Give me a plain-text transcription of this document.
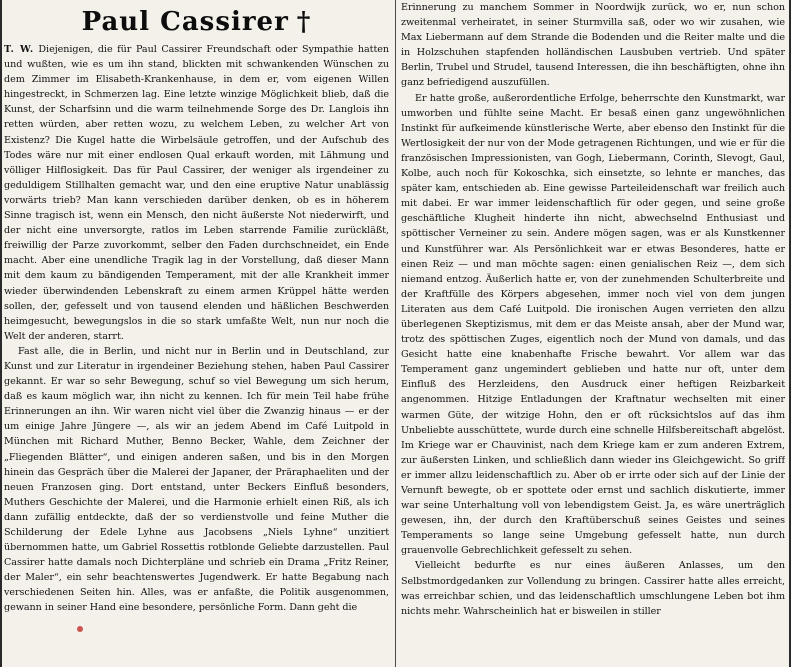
Paul Cassirer †

T. W. Diejenigen, die für Paul Cassirer Freundschaft oder Sympathie hatten und wußten, wie es um ihn stand, blickten mit schwankenden Wünschen zu dem Zimmer im Elisabeth-Krankenhause, in dem er, vom eigenen Willen hingestreckt, in Schmerzen lag. Eine letzte winzige Möglichkeit blieb, daß die Kunst, der Scharfsinn und die warm teilnehmende Sorge des Dr. Langlois ihn retten würden, aber retten wozu, zu welchem Leben, zu welcher Art von Existenz? Die Kugel hatte die Wirbelsäule getroffen, und der Aufschub des Todes wäre nur mit einer endlosen Qual erkauft worden, mit Lähmung und völliger Hilflosigkeit. Das für Paul Cassirer, der weniger als irgendeiner zu geduldigem Stillhalten gemacht war, und den eine eruptive Natur unablässig vorwärts trieb? Man kann verschieden darüber denken, ob es in höherem Sinne tragisch ist, wenn ein Mensch, den nicht äußerste Not niederwirft, und der nicht eine unversorgte, ratlos im Leben starrende Familie zurückläßt, freiwillig der Parze zuvorkommt, selber den Faden durchschneidet, ein Ende macht. Aber eine unendliche Tragik lag in der Vorstellung, daß dieser Mann mit dem kaum zu bändigenden Temperament, mit der alle Krankheit immer wieder überwindenden Lebenskraft zu einem armen Krüppel hätte werden sollen, der, gefesselt und von tausend elenden und häßlichen Beschwerden heimgesucht, bewegungslos in die so stark umfaßte Welt, nun nur noch die Welt der anderen, starrt.

Fast alle, die in Berlin, und nicht nur in Berlin und in Deutschland, zur Kunst und zur Literatur in irgendeiner Beziehung stehen, haben Paul Cassirer gekannt. Er war so sehr Bewegung, schuf so viel Bewegung um sich herum, daß es kaum möglich war, ihn nicht zu kennen. Ich für mein Teil habe frühe Erinnerungen an ihn. Wir waren nicht viel über die Zwanzig hinaus — er der um einige Jahre Jüngere —, als wir an jedem Abend im Café Luitpold in München mit Richard Muther, Benno Becker, Wahle, dem Zeichner der „Fliegenden Blätter“, und einigen anderen saßen, und bis in den Morgen hinein das Gespräch über die Malerei der Japaner, der Präraphaeliten und der neuen Franzosen ging. Dort entstand, unter Beckers Einfluß besonders, Muthers Geschichte der Malerei, und die Harmonie erhielt einen Riß, als ich dann zufällig entdeckte, daß der so verdienstvolle und feine Muther die Schilderung der Edele Lyhne aus Jacobsens „Niels Lyhne“ unzitiert übernommen hatte, um Gabriel Rossettis rotblonde Geliebte darzustellen. Paul Cassirer hatte damals noch Dichterpläne und schrieb ein Drama „Fritz Reiner, der Maler“, ein sehr beachtenswertes Jugendwerk. Er hatte Begabung nach verschiedenen Seiten hin. Alles, was er anfaßte, die Politik ausgenommen, gewann in seiner Hand eine besondere, persönliche Form. Dann geht die

Erinnerung zu manchem Sommer in Noordwijk zurück, wo er, nun schon zweitenmal verheiratet, in seiner Sturmvilla saß, oder wo wir zusahen, wie Max Liebermann auf dem Strande die Bodenden und die Reiter malte und die in Holzschuhen stapfenden holländischen Lausbuben vertrieb. Und später Berlin, Trubel und Strudel, tausend Interessen, die ihn beschäftigten, ohne ihn ganz befriedigend auszufüllen.

Er hatte große, außerordentliche Erfolge, beherrschte den Kunstmarkt, war umworben und fühlte seine Macht. Er besaß einen ganz ungewöhnlichen Instinkt für aufkeimende künstlerische Werte, aber ebenso den Instinkt für die Wertlosigkeit der nur von der Mode getragenen Richtungen, und wie er für die französischen Impressionisten, van Gogh, Liebermann, Corinth, Slevogt, Gaul, Kolbe, auch noch für Kokoschka, sich einsetzte, so lehnte er manches, das später kam, entschieden ab. Eine gewisse Parteileidenschaft war freilich auch mit dabei. Er war immer leidenschaftlich für oder gegen, und seine große geschäftliche Klugheit hinderte ihn nicht, abwechselnd Enthusiast und spöttischer Verneiner zu sein. Andere mögen sagen, was er als Kunstkenner und Kunstführer war. Als Persönlichkeit war er etwas Besonderes, hatte er einen Reiz — und man möchte sagen: einen genialischen Reiz —, dem sich niemand entzog. Äußerlich hatte er, von der zunehmenden Schulterbreite und der Kraftfülle des Körpers abgesehen, immer noch viel von dem jungen Literaten aus dem Café Luitpold. Die ironischen Augen verrieten den allzu überlegenen Skeptizismus, mit dem er das Meiste ansah, aber der Mund war, trotz des spöttischen Zuges, eigentlich noch der Mund von damals, und das Gesicht hatte eine knabenhafte Frische bewahrt. Vor allem war das Temperament ganz ungemindert geblieben und hatte nur oft, unter dem Einfluß des Herzleidens, den Ausdruck einer heftigen Reizbarkeit angenommen. Hitzige Entladungen der Kraftnatur wechselten mit einer warmen Güte, der witzige Hohn, den er oft rücksichtslos auf das ihm Unbeliebte ausschüttete, wurde durch eine schnelle Hilfsbereitschaft abgelöst. Im Kriege war er Chauvinist, nach dem Kriege kam er zum anderen Extrem, zur äußersten Linken, und schließlich dann wieder ins Gleichgewicht. So griff er immer allzu leidenschaftlich zu. Aber ob er irrte oder sich auf der Linie der Vernunft bewegte, ob er spottete oder ernst und sachlich diskutierte, immer war seine Unterhaltung voll von lebendigstem Geist. Ja, es wäre unerträglich gewesen, ihn, der durch den Kraftüberschuß seines Geistes und seines Temperaments so lange seine Umgebung gefesselt hatte, nun durch grauenvolle Gebrechlichkeit gefesselt zu sehen.

Vielleicht bedurfte es nur eines äußeren Anlasses, um den Selbstmordgedanken zur Vollendung zu bringen. Cassirer hatte alles erreicht, was erreichbar schien, und das leidenschaftlich umschlungene Leben bot ihm nichts mehr. Wahrscheinlich hat er bisweilen in stiller
